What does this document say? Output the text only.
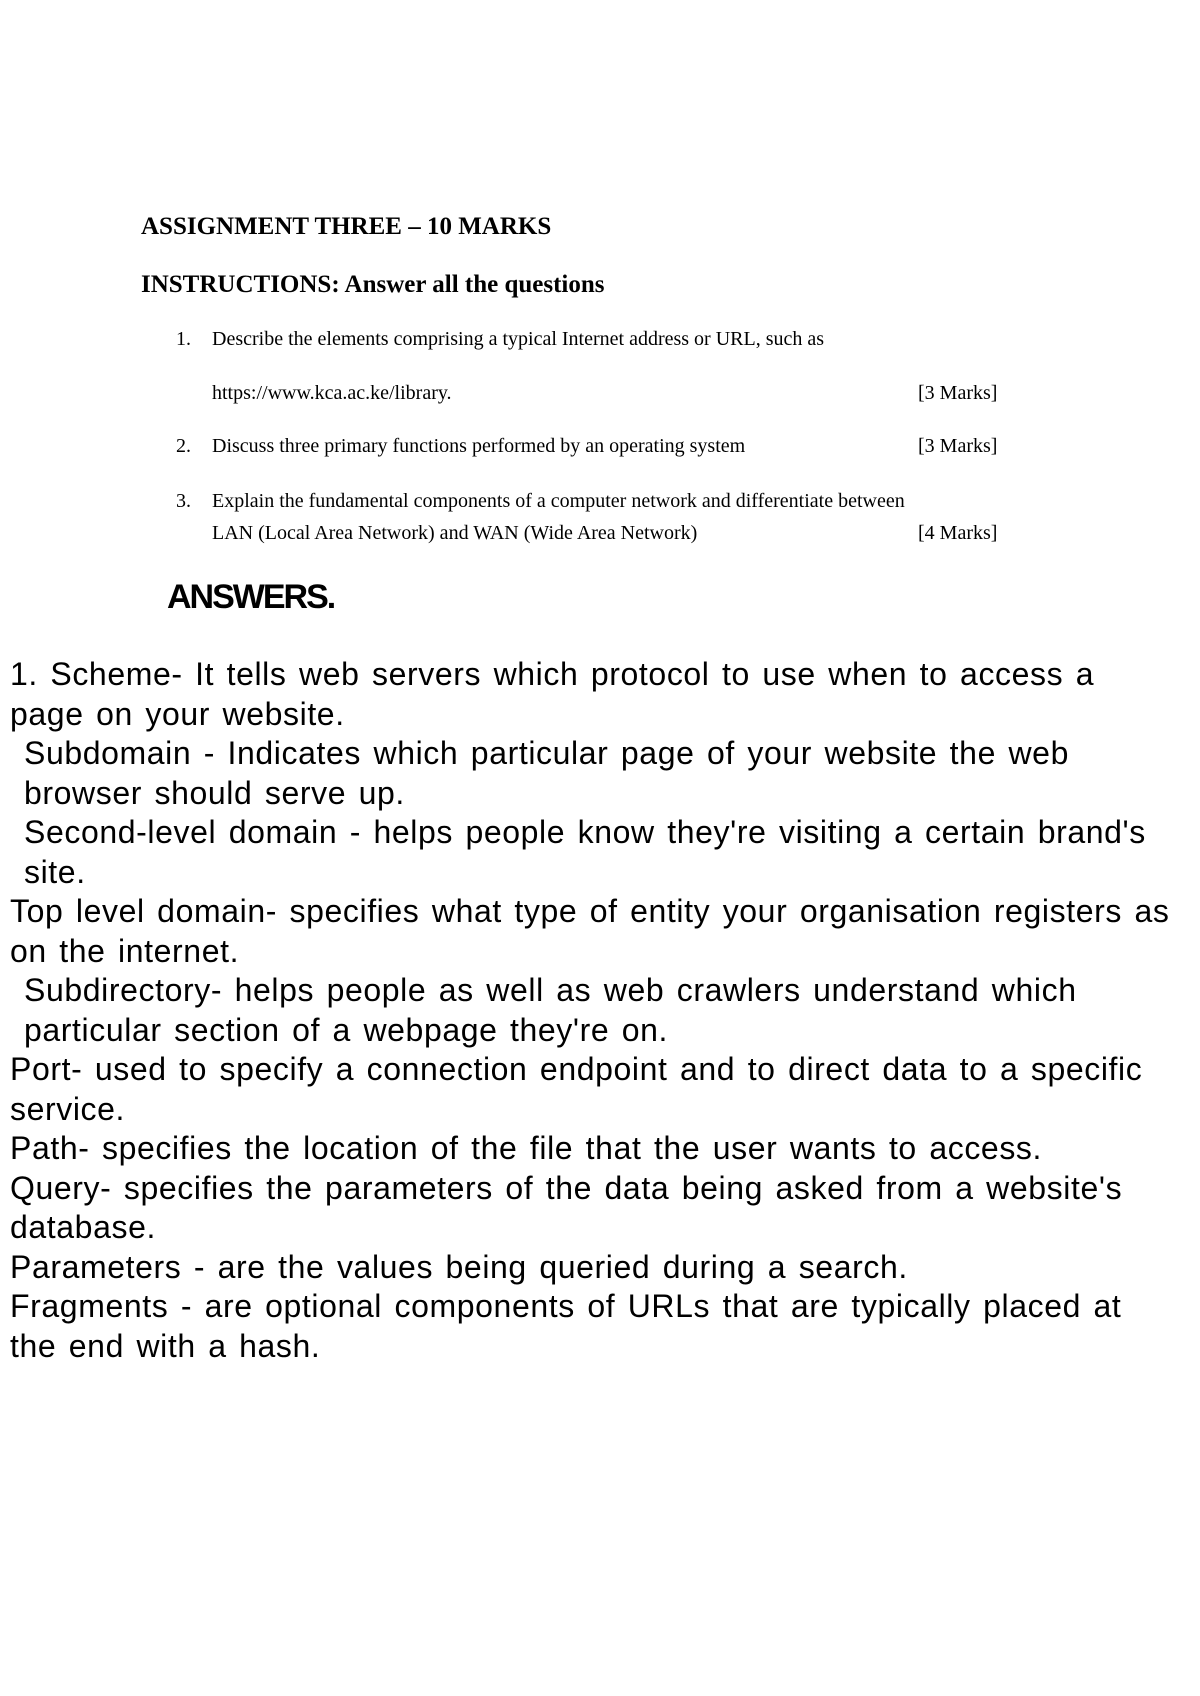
ASSIGNMENT THREE – 10 MARKS
INSTRUCTIONS: Answer all the questions
1.	Describe the elements comprising a typical Internet address or URL, such as
https://www.kca.ac.ke/library.	[3 Marks]
2.	Discuss three primary functions performed by an operating system	[3 Marks]
3.	Explain the fundamental components of a computer network and differentiate between
LAN (Local Area Network) and WAN (Wide Area Network)	[4 Marks]
ANSWERS.

1. Scheme- It tells web servers which protocol to use when to access a page on your website.

Subdomain - Indicates which particular page of your website the web browser should serve up.

Second-level domain - helps people know they're visiting a certain brand's site.

Top level domain- specifies what type of entity your organisation registers as on the internet.

Subdirectory- helps people as well as web crawlers understand which particular section of a webpage they're on.

Port- used to specify a connection endpoint and to direct data to a specific service.

Path- specifies the location of the file that the user wants to access.

Query- specifies the parameters of the data being asked from a website's database.

Parameters - are the values being queried during a search.

Fragments - are optional components of URLs that are typically placed at the end with a hash.
